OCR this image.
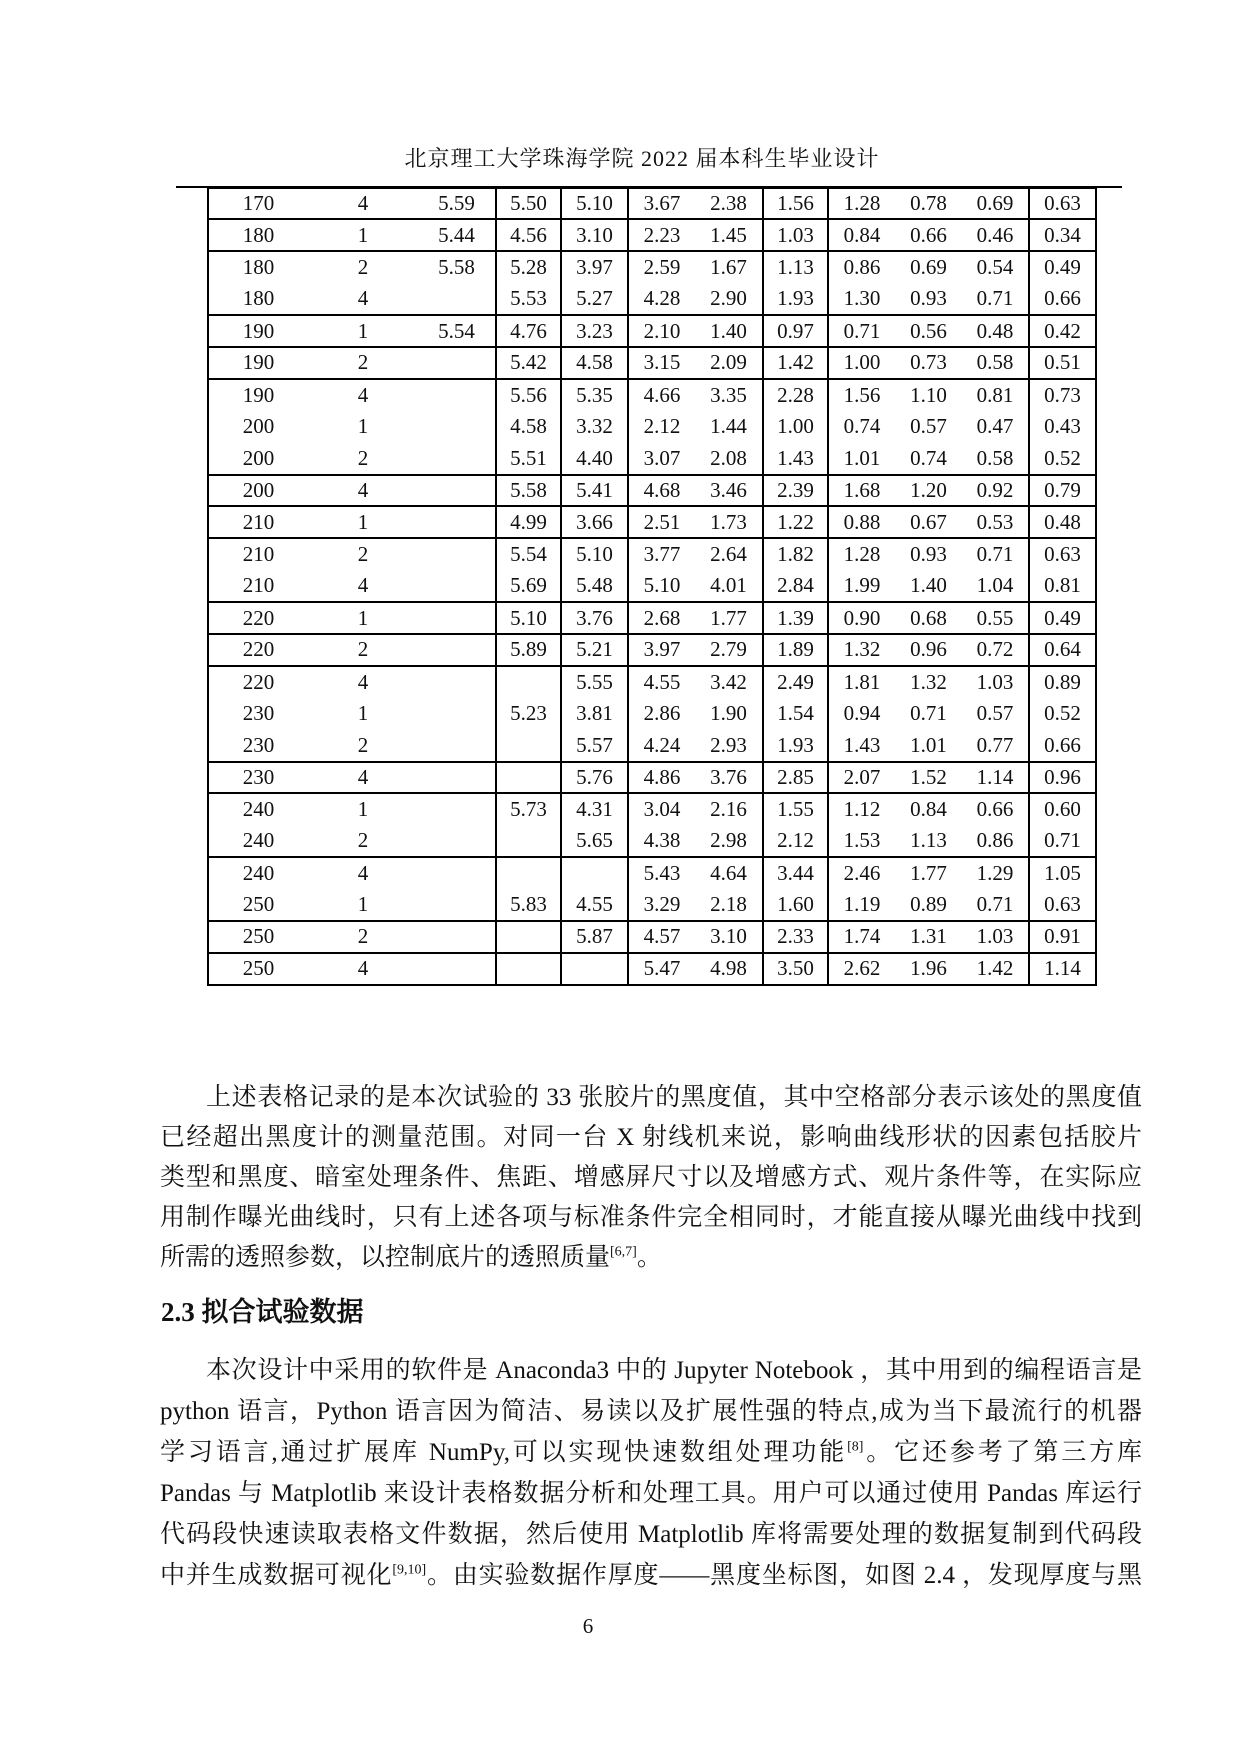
北京理工大学珠海学院 2022 届本科生毕业设计
170	4	5.59	5.50	5.10	3.67	2.38	1.56	1.28	0.78	0.69	0.63
180	1	5.44	4.56	3.10	2.23	1.45	1.03	0.84	0.66	0.46	0.34
180	2	5.58	5.28	3.97	2.59	1.67	1.13	0.86	0.69	0.54	0.49
180	4		5.53	5.27	4.28	2.90	1.93	1.30	0.93	0.71	0.66
190	1	5.54	4.76	3.23	2.10	1.40	0.97	0.71	0.56	0.48	0.42
190	2		5.42	4.58	3.15	2.09	1.42	1.00	0.73	0.58	0.51
190	4		5.56	5.35	4.66	3.35	2.28	1.56	1.10	0.81	0.73
200	1		4.58	3.32	2.12	1.44	1.00	0.74	0.57	0.47	0.43
200	2		5.51	4.40	3.07	2.08	1.43	1.01	0.74	0.58	0.52
200	4		5.58	5.41	4.68	3.46	2.39	1.68	1.20	0.92	0.79
210	1		4.99	3.66	2.51	1.73	1.22	0.88	0.67	0.53	0.48
210	2		5.54	5.10	3.77	2.64	1.82	1.28	0.93	0.71	0.63
210	4		5.69	5.48	5.10	4.01	2.84	1.99	1.40	1.04	0.81
220	1		5.10	3.76	2.68	1.77	1.39	0.90	0.68	0.55	0.49
220	2		5.89	5.21	3.97	2.79	1.89	1.32	0.96	0.72	0.64
220	4			5.55	4.55	3.42	2.49	1.81	1.32	1.03	0.89
230	1		5.23	3.81	2.86	1.90	1.54	0.94	0.71	0.57	0.52
230	2			5.57	4.24	2.93	1.93	1.43	1.01	0.77	0.66
230	4			5.76	4.86	3.76	2.85	2.07	1.52	1.14	0.96
240	1		5.73	4.31	3.04	2.16	1.55	1.12	0.84	0.66	0.60
240	2			5.65	4.38	2.98	2.12	1.53	1.13	0.86	0.71
240	4				5.43	4.64	3.44	2.46	1.77	1.29	1.05
250	1		5.83	4.55	3.29	2.18	1.60	1.19	0.89	0.71	0.63
250	2			5.87	4.57	3.10	2.33	1.74	1.31	1.03	0.91
250	4				5.47	4.98	3.50	2.62	1.96	1.42	1.14
上述表格记录的是本次试验的 33 张胶片的黑度值，其中空格部分表示该处的黑度值
已经超出黑度计的测量范围。对同一台 X 射线机来说，影响曲线形状的因素包括胶片
类型和黑度、暗室处理条件、焦距、增感屏尺寸以及增感方式、观片条件等，在实际应
用制作曝光曲线时，只有上述各项与标准条件完全相同时，才能直接从曝光曲线中找到
所需的透照参数，以控制底片的透照质量[6,7]。
2.3 拟合试验数据
本次设计中采用的软件是 Anaconda3 中的 Jupyter Notebook ，其中用到的编程语言是
python 语言，Python 语言因为简洁、易读以及扩展性强的特点,成为当下最流行的机器
学习语言,通过扩展库 NumPy,可以实现快速数组处理功能[8]。它还参考了第三方库
Pandas 与 Matplotlib 来设计表格数据分析和处理工具。用户可以通过使用 Pandas 库运行
代码段快速读取表格文件数据，然后使用 Matplotlib 库将需要处理的数据复制到代码段
中并生成数据可视化[9,10]。由实验数据作厚度——黑度坐标图，如图 2.4 ，发现厚度与黑
6
